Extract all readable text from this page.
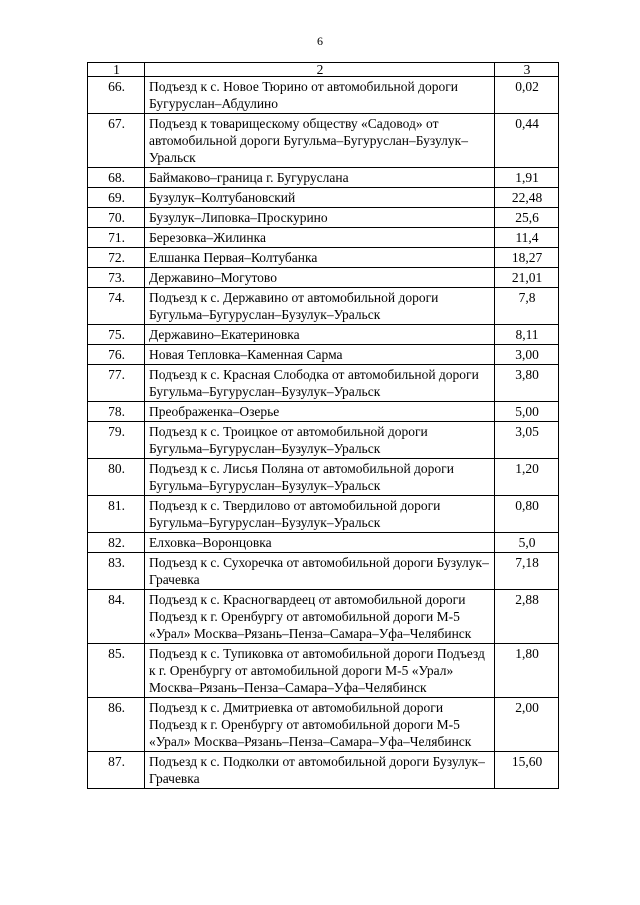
6
1	2	3
66.	Подъезд к с. Новое Тюрино от автомобильной дороги Бугуруслан–Абдулино	0,02
67.	Подъезд к товарищескому обществу «Садовод» от автомобильной дороги Бугульма–Бугуруслан–Бузулук–Уральск	0,44
68.	Баймаково–граница г. Бугуруслана	1,91
69.	Бузулук–Колтубановский	22,48
70.	Бузулук–Липовка–Проскурино	25,6
71.	Березовка–Жилинка	11,4
72.	Елшанка Первая–Колтубанка	18,27
73.	Державино–Могутово	21,01
74.	Подъезд к с. Державино от автомобильной дороги Бугульма–Бугуруслан–Бузулук–Уральск	7,8
75.	Державино–Екатериновка	8,11
76.	Новая Тепловка–Каменная Сарма	3,00
77.	Подъезд к с. Красная Слободка от автомобильной дороги Бугульма–Бугуруслан–Бузулук–Уральск	3,80
78.	Преображенка–Озерье	5,00
79.	Подъезд к с. Троицкое от автомобильной дороги Бугульма–Бугуруслан–Бузулук–Уральск	3,05
80.	Подъезд к с. Лисья Поляна от автомобильной дороги Бугульма–Бугуруслан–Бузулук–Уральск	1,20
81.	Подъезд к с. Твердилово от автомобильной дороги Бугульма–Бугуруслан–Бузулук–Уральск	0,80
82.	Елховка–Воронцовка	5,0
83.	Подъезд к с. Сухоречка от автомобильной дороги Бузулук–Грачевка	7,18
84.	Подъезд к с. Красногвардеец от автомобильной дороги Подъезд к г. Оренбургу от автомобильной дороги М-5 «Урал» Москва–Рязань–Пенза–Самара–Уфа–Челябинск	2,88
85.	Подъезд к с. Тупиковка от автомобильной дороги Подъезд к г. Оренбургу от автомобильной дороги М-5 «Урал» Москва–Рязань–Пенза–Самара–Уфа–Челябинск	1,80
86.	Подъезд к с. Дмитриевка от автомобильной дороги Подъезд к г. Оренбургу от автомобильной дороги М-5 «Урал» Москва–Рязань–Пенза–Самара–Уфа–Челябинск	2,00
87.	Подъезд к с. Подколки от автомобильной дороги Бузулук–Грачевка	15,60
